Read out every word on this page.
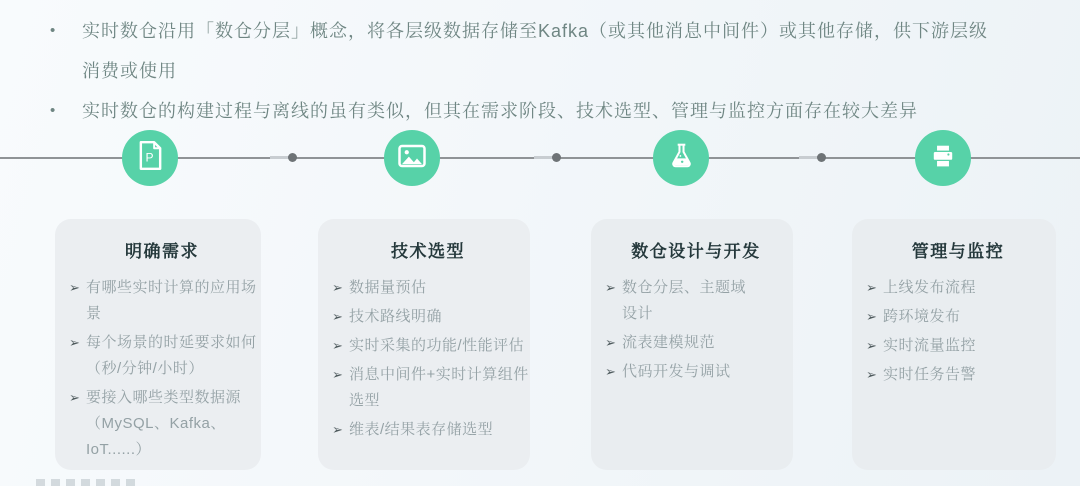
•	实时数仓沿用「数仓分层」概念，将各层级数据存储至Kafka（或其他消息中间件）或其他存储，供下游层级
消费或使用
•	实时数仓的构建过程与离线的虽有类似，但其在需求阶段、技术选型、管理与监控方面存在较大差异
P
明确需求
➢ 有哪些实时计算的应用场
景
➢ 每个场景的时延要求如何
（秒/分钟/小时）
➢ 要接入哪些类型数据源
（MySQL、Kafka、
IoT......）
技术选型
➢ 数据量预估
➢ 技术路线明确
➢ 实时采集的功能/性能评估
➢ 消息中间件+实时计算组件
选型
➢ 维表/结果表存储选型
数仓设计与开发
➢ 数仓分层、主题域
设计
➢ 流表建模规范
➢ 代码开发与调试
管理与监控
➢ 上线发布流程
➢ 跨环境发布
➢ 实时流量监控
➢ 实时任务告警
